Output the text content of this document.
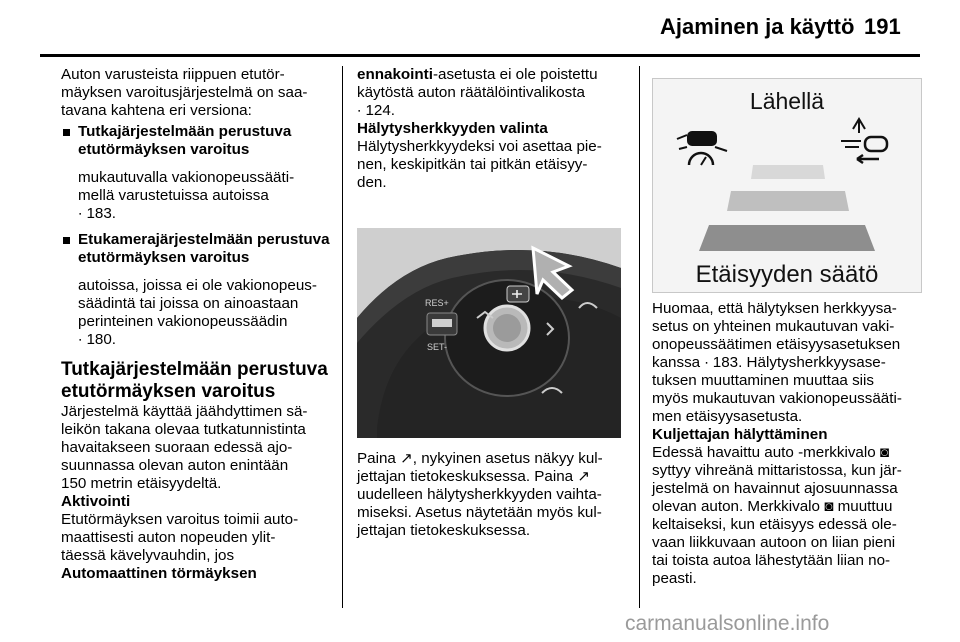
Ajaminen ja käyttö 191

Auton varusteista riippuen etutör-

mäyksen varoitusjärjestelmä on saa-

tavana kahtena eri versiona:

Tutkajärjestelmään perustuva

etutörmäyksen varoitus

mukautuvalla vakionopeussääti-

mellä varustetuissa autoissa

∙ 183.

Etukamerajärjestelmään perustuva

etutörmäyksen varoitus

autoissa, joissa ei ole vakionopeus-

säädintä tai joissa on ainoastaan

perinteinen vakionopeussäädin

∙ 180.

Tutkajärjestelmään perustuva

etutörmäyksen varoitus

Järjestelmä käyttää jäähdyttimen sä-

leikön takana olevaa tutkatunnistinta

havaitakseen suoraan edessä ajo-

suunnassa olevan auton enintään

150 metrin etäisyydeltä.

Aktivointi

Etutörmäyksen varoitus toimii auto-

maattisesti auton nopeuden ylit-

täessä kävelyvauhdin, jos

Automaattinen törmäyksen

ennakointi-asetusta ei ole poistettu

käytöstä auton räätälöintivalikosta

∙ 124.

Hälytysherkkyyden valinta

Hälytysherkkyydeksi voi asettaa pie-

nen, keskipitkän tai pitkän etäisyy-

den.

RES+
SET-

Paina ↗, nykyinen asetus näkyy kul-

jettajan tietokeskuksessa. Paina ↗

uudelleen hälytysherkkyyden vaihta-

miseksi. Asetus näytetään myös kul-

jettajan tietokeskuksessa.

Lähellä
Etäisyyden säätö

Huomaa, että hälytyksen herkkyysa-

setus on yhteinen mukautuvan vaki-

onopeussäätimen etäisyysasetuksen

kanssa ∙ 183. Hälytysherkkyysase-

tuksen muuttaminen muuttaa siis

myös mukautuvan vakionopeussääti-

men etäisyysasetusta.

Kuljettajan hälyttäminen

Edessä havaittu auto -merkkivalo ◙

syttyy vihreänä mittaristossa, kun jär-

jestelmä on havainnut ajosuunnassa

olevan auton. Merkkivalo ◙ muuttuu

keltaiseksi, kun etäisyys edessä ole-

vaan liikkuvaan autoon on liian pieni

tai toista autoa lähestytään liian no-

peasti.

carmanualsonline.info
